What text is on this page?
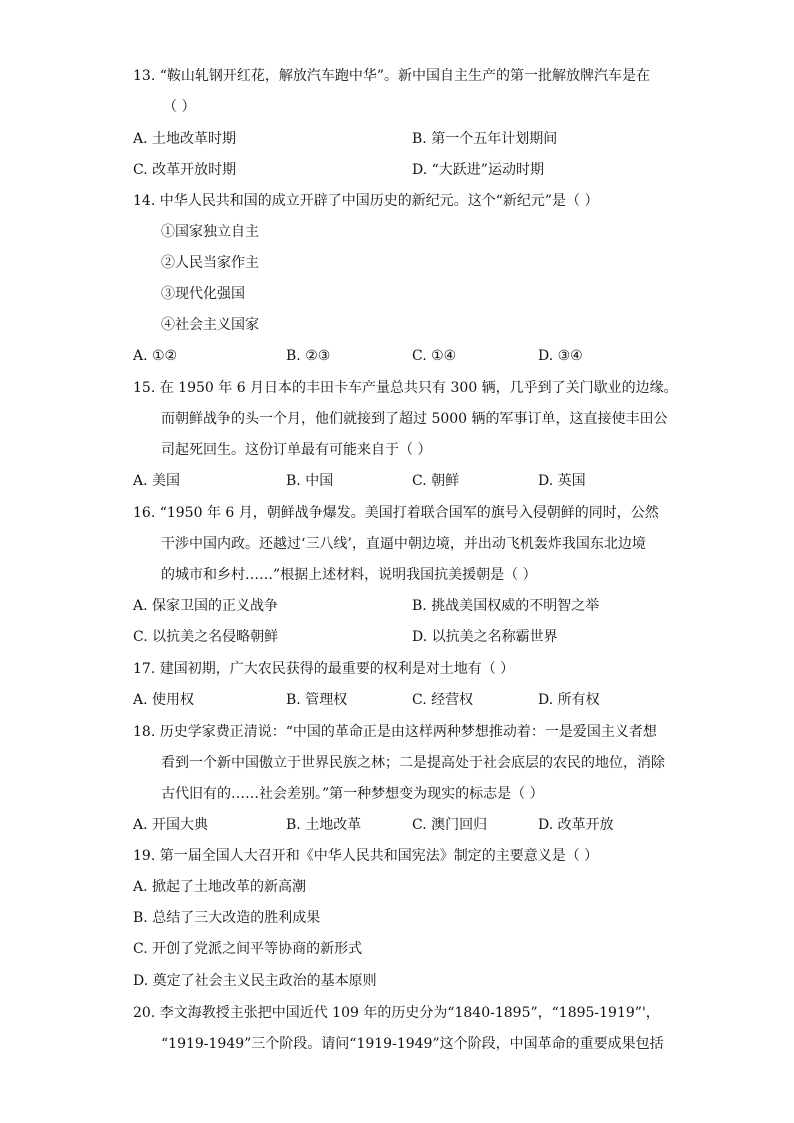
13. “鞍山轧钢开红花，解放汽车跑中华”。新中国自主生产的第一批解放牌汽车是在
（ ）
A. 土地改革时期	B. 第一个五年计划期间
C. 改革开放时期	D. “大跃进”运动时期
14. 中华人民共和国的成立开辟了中国历史的新纪元。这个“新纪元”是（ ）
①国家独立自主
②人民当家作主
③现代化强国
④社会主义国家
A. ①②	B. ②③	C. ①④	D. ③④
15. 在 1950 年 6 月日本的丰田卡车产量总共只有 300 辆，几乎到了关门歇业的边缘。
而朝鲜战争的头一个月，他们就接到了超过 5000 辆的军事订单，这直接使丰田公
司起死回生。这份订单最有可能来自于（ ）
A. 美国	B. 中国	C. 朝鲜	D. 英国
16. “1950 年 6 月，朝鲜战争爆发。美国打着联合国军的旗号入侵朝鲜的同时，公然
干涉中国内政。还越过‘三八线’，直逼中朝边境，并出动飞机轰炸我国东北边境
的城市和乡村……”根据上述材料，说明我国抗美援朝是（ ）
A. 保家卫国的正义战争	B. 挑战美国权威的不明智之举
C. 以抗美之名侵略朝鲜	D. 以抗美之名称霸世界
17. 建国初期，广大农民获得的最重要的权利是对土地有（ ）
A. 使用权	B. 管理权	C. 经营权	D. 所有权
18. 历史学家费正清说：“中国的革命正是由这样两种梦想推动着：一是爱国主义者想
看到一个新中国傲立于世界民族之林；二是提高处于社会底层的农民的地位，消除
古代旧有的……社会差别。”第一种梦想变为现实的标志是（ ）
A. 开国大典	B. 土地改革	C. 澳门回归	D. 改革开放
19. 第一届全国人大召开和《中华人民共和国宪法》制定的主要意义是（ ）
A. 掀起了土地改革的新高潮
B. 总结了三大改造的胜利成果
C. 开创了党派之间平等协商的新形式
D. 奠定了社会主义民主政治的基本原则
20. 李文海教授主张把中国近代 109 年的历史分为“1840-1895”，“1895-1919”'，
“1919-1949”三个阶段。请问“1919-1949”这个阶段，中国革命的重要成果包括
